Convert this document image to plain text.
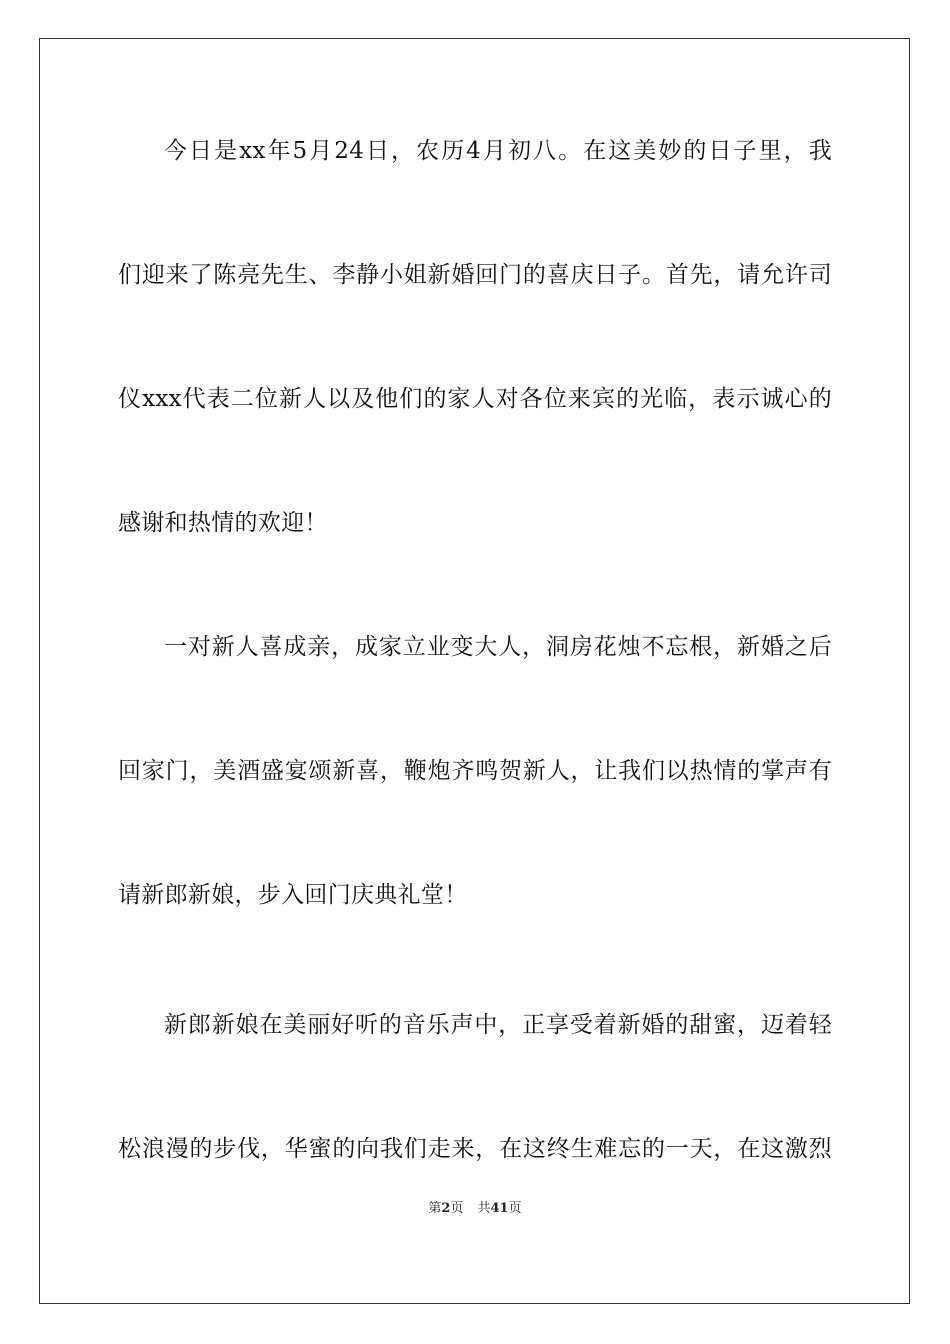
今日是xx年5月24日，农历4月初八。在这美妙的日子里，我
们迎来了陈亮先生、李静小姐新婚回门的喜庆日子。首先，请允许司
仪xxx代表二位新人以及他们的家人对各位来宾的光临，表示诚心的
感谢和热情的欢迎！
一对新人喜成亲，成家立业变大人，洞房花烛不忘根，新婚之后
回家门，美酒盛宴颂新喜，鞭炮齐鸣贺新人，让我们以热情的掌声有
请新郎新娘，步入回门庆典礼堂！
新郎新娘在美丽好听的音乐声中，正享受着新婚的甜蜜，迈着轻
松浪漫的步伐，华蜜的向我们走来，在这终生难忘的一天，在这激烈
第2页 共41页
